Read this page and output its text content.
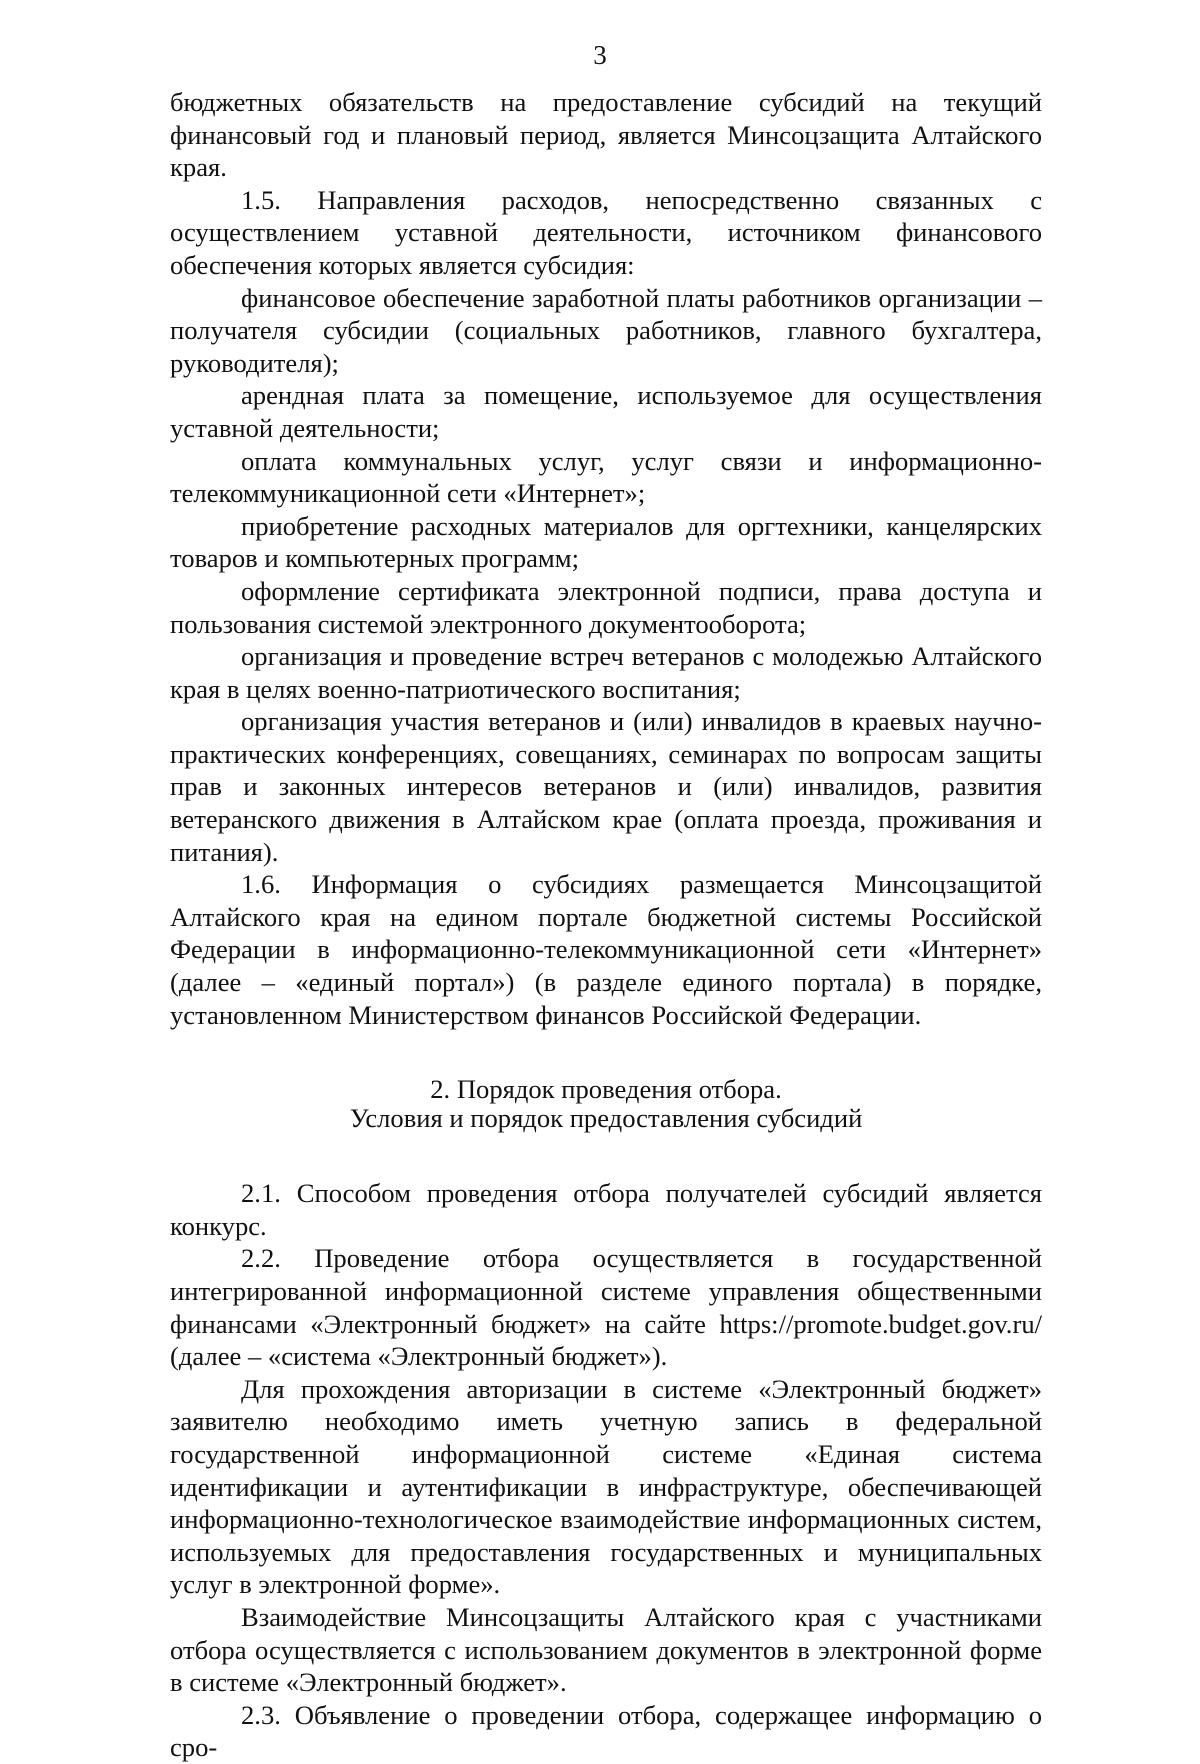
3

бюджетных обязательств на предоставление субсидий на текущий финансовый год и плановый период, является Минсоцзащита Алтайского края.

1.5. Направления расходов, непосредственно связанных с осуществлением уставной деятельности, источником финансового обеспечения которых является субсидия:

финансовое обеспечение заработной платы работников организации – получателя субсидии (социальных работников, главного бухгалтера, руководителя);

арендная плата за помещение, используемое для осуществления уставной деятельности;

оплата коммунальных услуг, услуг связи и информационно-телекоммуникационной сети «Интернет»;

приобретение расходных материалов для оргтехники, канцелярских товаров и компьютерных программ;

оформление сертификата электронной подписи, права доступа и пользования системой электронного документооборота;

организация и проведение встреч ветеранов с молодежью Алтайского края в целях военно-патриотического воспитания;

организация участия ветеранов и (или) инвалидов в краевых научно-практических конференциях, совещаниях, семинарах по вопросам защиты прав и законных интересов ветеранов и (или) инвалидов, развития ветеранского движения в Алтайском крае (оплата проезда, проживания и питания).

1.6. Информация о субсидиях размещается Минсоцзащитой Алтайского края на едином портале бюджетной системы Российской Федерации в информационно-телекоммуникационной сети «Интернет» (далее – «единый портал») (в разделе единого портала) в порядке, установленном Министерством финансов Российской Федерации.

2. Порядок проведения отбора.

Условия и порядок предоставления субсидий

2.1. Способом проведения отбора получателей субсидий является конкурс.

2.2. Проведение отбора осуществляется в государственной интегрированной информационной системе управления общественными финансами «Электронный бюджет» на сайте https://promote.budget.gov.ru/ (далее – «система «Электронный бюджет»).

Для прохождения авторизации в системе «Электронный бюджет» заявителю необходимо иметь учетную запись в федеральной государственной информационной системе «Единая система идентификации и аутентификации в инфраструктуре, обеспечивающей информационно-технологическое взаимодействие информационных систем, используемых для предоставления государственных и муниципальных услуг в электронной форме».

Взаимодействие Минсоцзащиты Алтайского края с участниками отбора осуществляется с использованием документов в электронной форме в системе «Электронный бюджет».

2.3. Объявление о проведении отбора, содержащее информацию о сро-
